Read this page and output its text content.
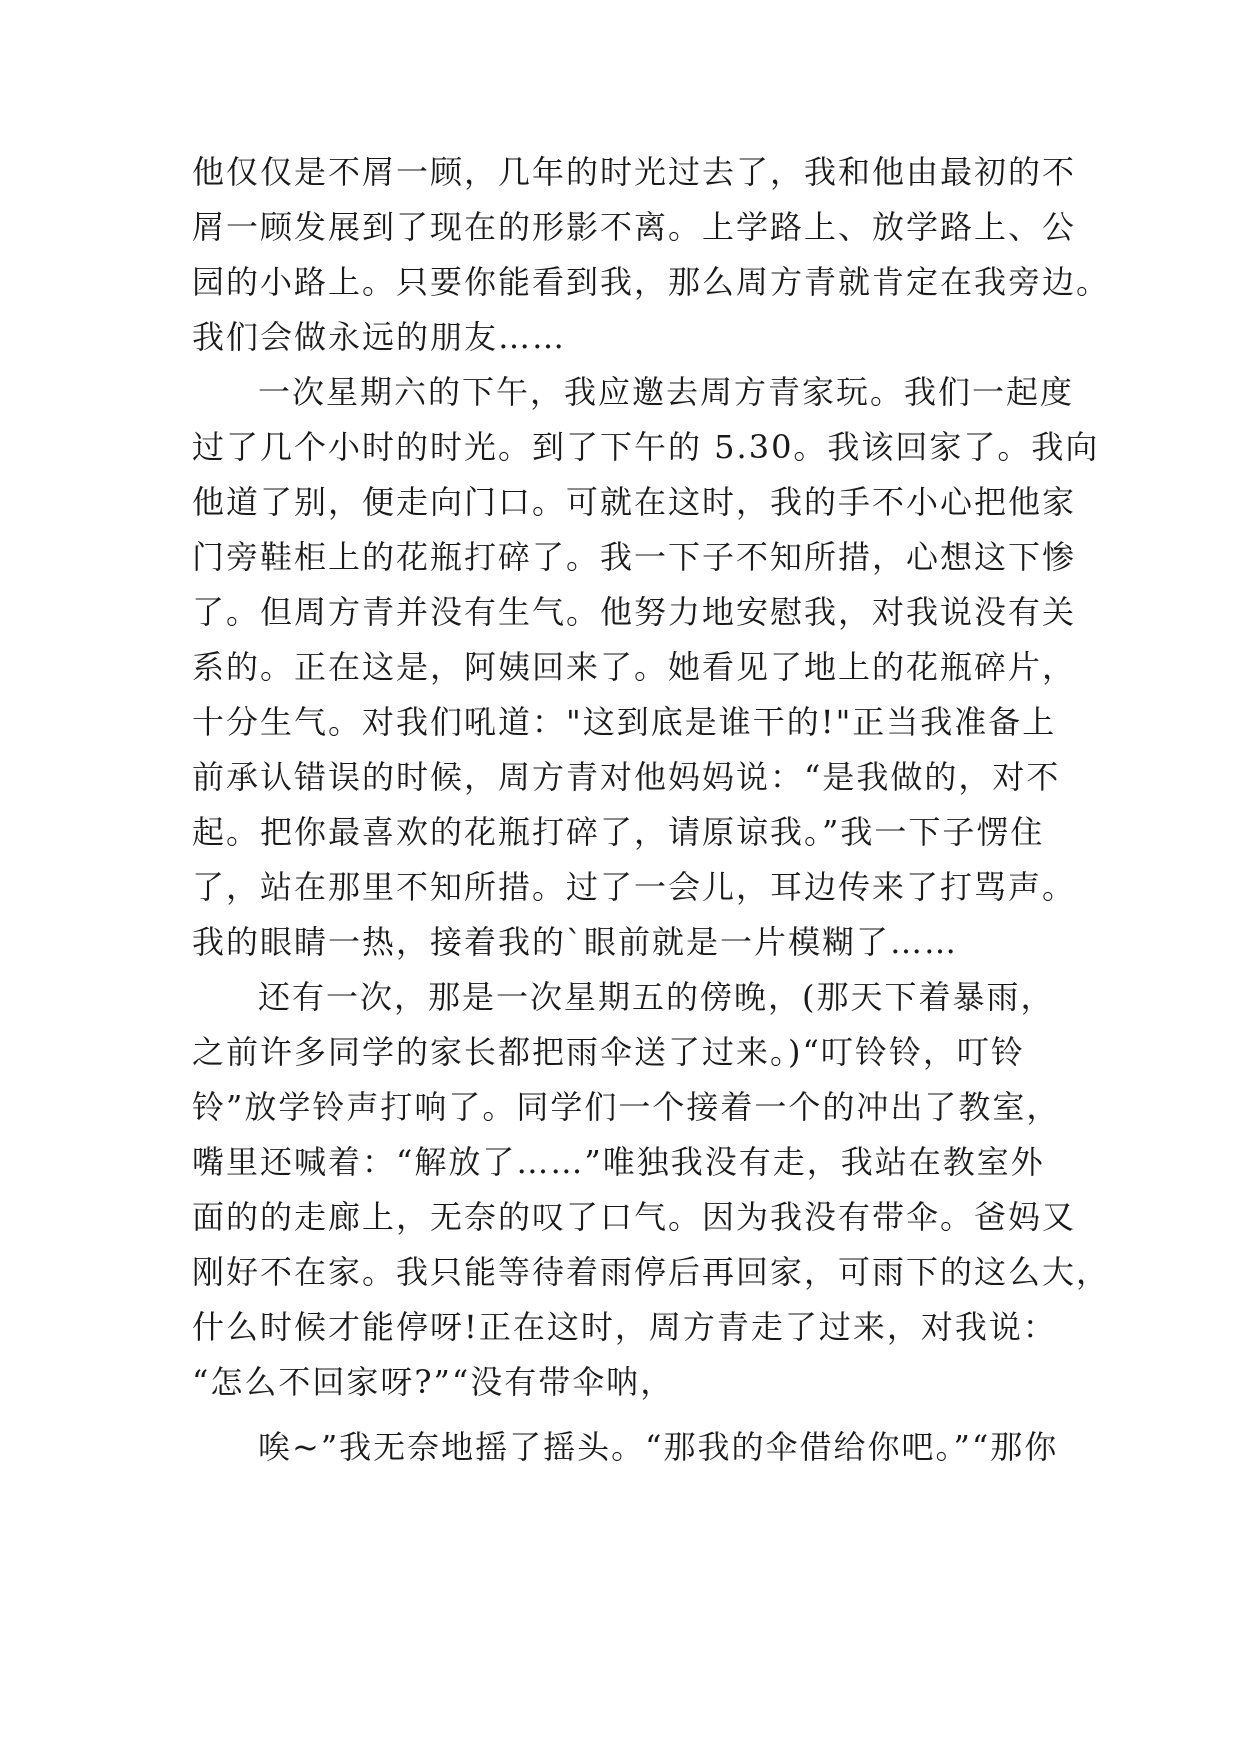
他仅仅是不屑一顾，几年的时光过去了，我和他由最初的不
屑一顾发展到了现在的形影不离。上学路上、放学路上、公
园的小路上。只要你能看到我，那么周方青就肯定在我旁边。
我们会做永远的朋友……
一次星期六的下午，我应邀去周方青家玩。我们一起度
过了几个小时的时光。到了下午的 5.30。我该回家了。我向
他道了别，便走向门口。可就在这时，我的手不小心把他家
门旁鞋柜上的花瓶打碎了。我一下子不知所措，心想这下惨
了。但周方青并没有生气。他努力地安慰我，对我说没有关
系的。正在这是，阿姨回来了。她看见了地上的花瓶碎片，
十分生气。对我们吼道："这到底是谁干的!"正当我准备上
前承认错误的时候，周方青对他妈妈说：“是我做的，对不
起。把你最喜欢的花瓶打碎了，请原谅我。”我一下子愣住
了，站在那里不知所措。过了一会儿，耳边传来了打骂声。
我的眼睛一热，接着我的`眼前就是一片模糊了……
还有一次，那是一次星期五的傍晚，(那天下着暴雨，
之前许多同学的家长都把雨伞送了过来。)“叮铃铃，叮铃
铃”放学铃声打响了。同学们一个接着一个的冲出了教室，
嘴里还喊着：“解放了……”唯独我没有走，我站在教室外
面的的走廊上，无奈的叹了口气。因为我没有带伞。爸妈又
刚好不在家。我只能等待着雨停后再回家，可雨下的这么大，
什么时候才能停呀!正在这时，周方青走了过来，对我说：
“怎么不回家呀?”“没有带伞呐，
唉~”我无奈地摇了摇头。“那我的伞借给你吧。”“那你
